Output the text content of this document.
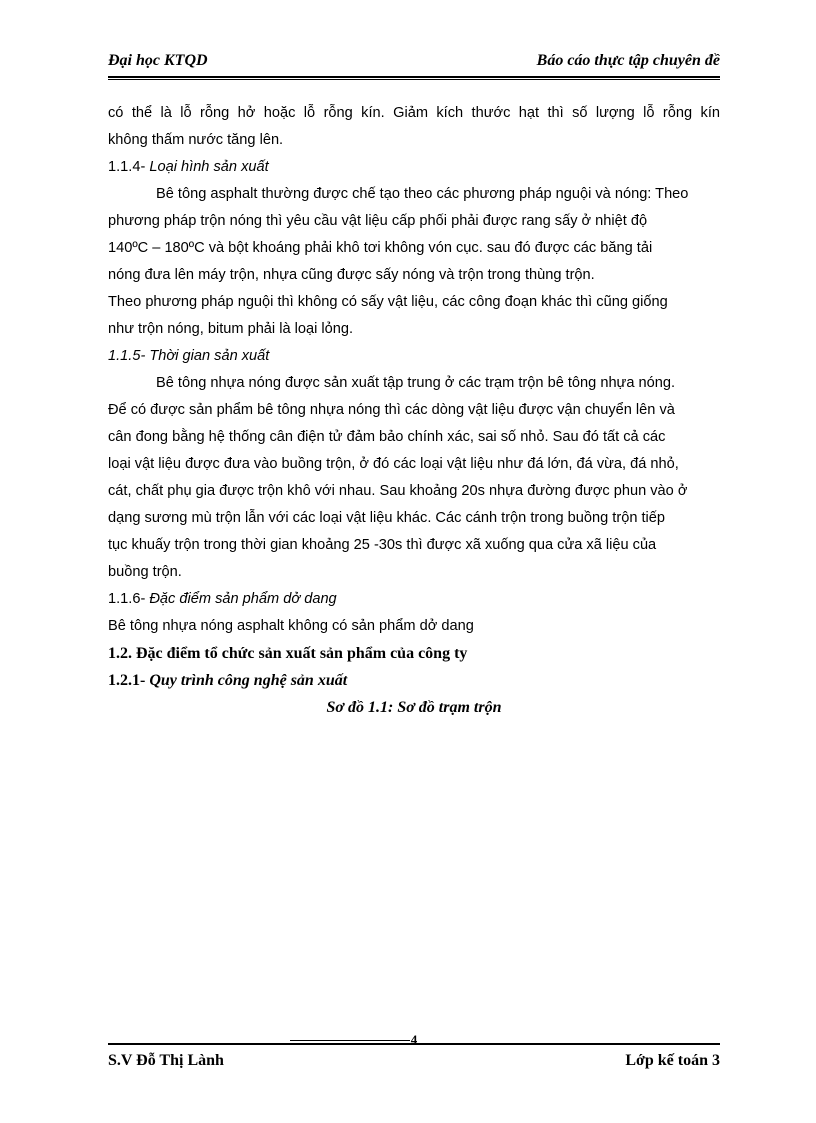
Đại học KTQD	Báo cáo thực tập chuyên đề
có thể là lỗ rỗng hở hoặc lỗ rỗng kín. Giảm kích thước hạt thì số lượng lỗ rỗng kín
không thấm nước tăng lên.
1.1.4- Loại hình sản xuất
Bê tông asphalt thường được chế tạo theo các phương pháp nguội và nóng: Theo
phương pháp trộn nóng thì yêu cầu vật liệu cấp phối phải được rang sấy ở nhiệt độ
140ºC – 180ºC và bột khoáng phải khô tơi không vón cục. sau đó được các băng tải
nóng đưa lên máy trộn, nhựa cũng được sấy nóng và trộn trong thùng trộn.
Theo phương pháp nguội thì không có sấy vật liệu, các công đoạn khác thì cũng giống
như trộn nóng, bitum phải là loại lỏng.
1.1.5- Thời gian sản xuất
Bê tông nhựa nóng được sản xuất tập trung ở các trạm trộn bê tông nhựa nóng.
Để có được sản phẩm bê tông nhựa nóng thì các dòng vật liệu được vận chuyển lên và
cân đong bằng hệ thống cân điện tử đảm bảo chính xác, sai số nhỏ. Sau đó tất cả các
loại vật liệu được đưa vào buồng trộn, ở đó các loại vật liệu như đá lớn, đá vừa, đá nhỏ,
cát, chất phụ gia được trộn khô với nhau. Sau khoảng 20s nhựa đường được phun vào ở
dạng sương mù trộn lẫn với các loại vật liệu khác. Các cánh trộn trong buồng trộn tiếp
tục khuấy trộn trong thời gian khoảng 25 -30s thì được xã xuống qua cửa xã liệu của
buồng trộn.
1.1.6- Đặc điểm sản phẩm dở dang
Bê tông nhựa nóng asphalt không có sản phẩm dở dang
1.2. Đặc điểm tổ chức sản xuất sản phẩm của công ty
1.2.1- Quy trình công nghệ sản xuất
Sơ đồ 1.1: Sơ đồ trạm trộn
4
S.V Đỗ Thị Lành	Lớp kế toán 3
